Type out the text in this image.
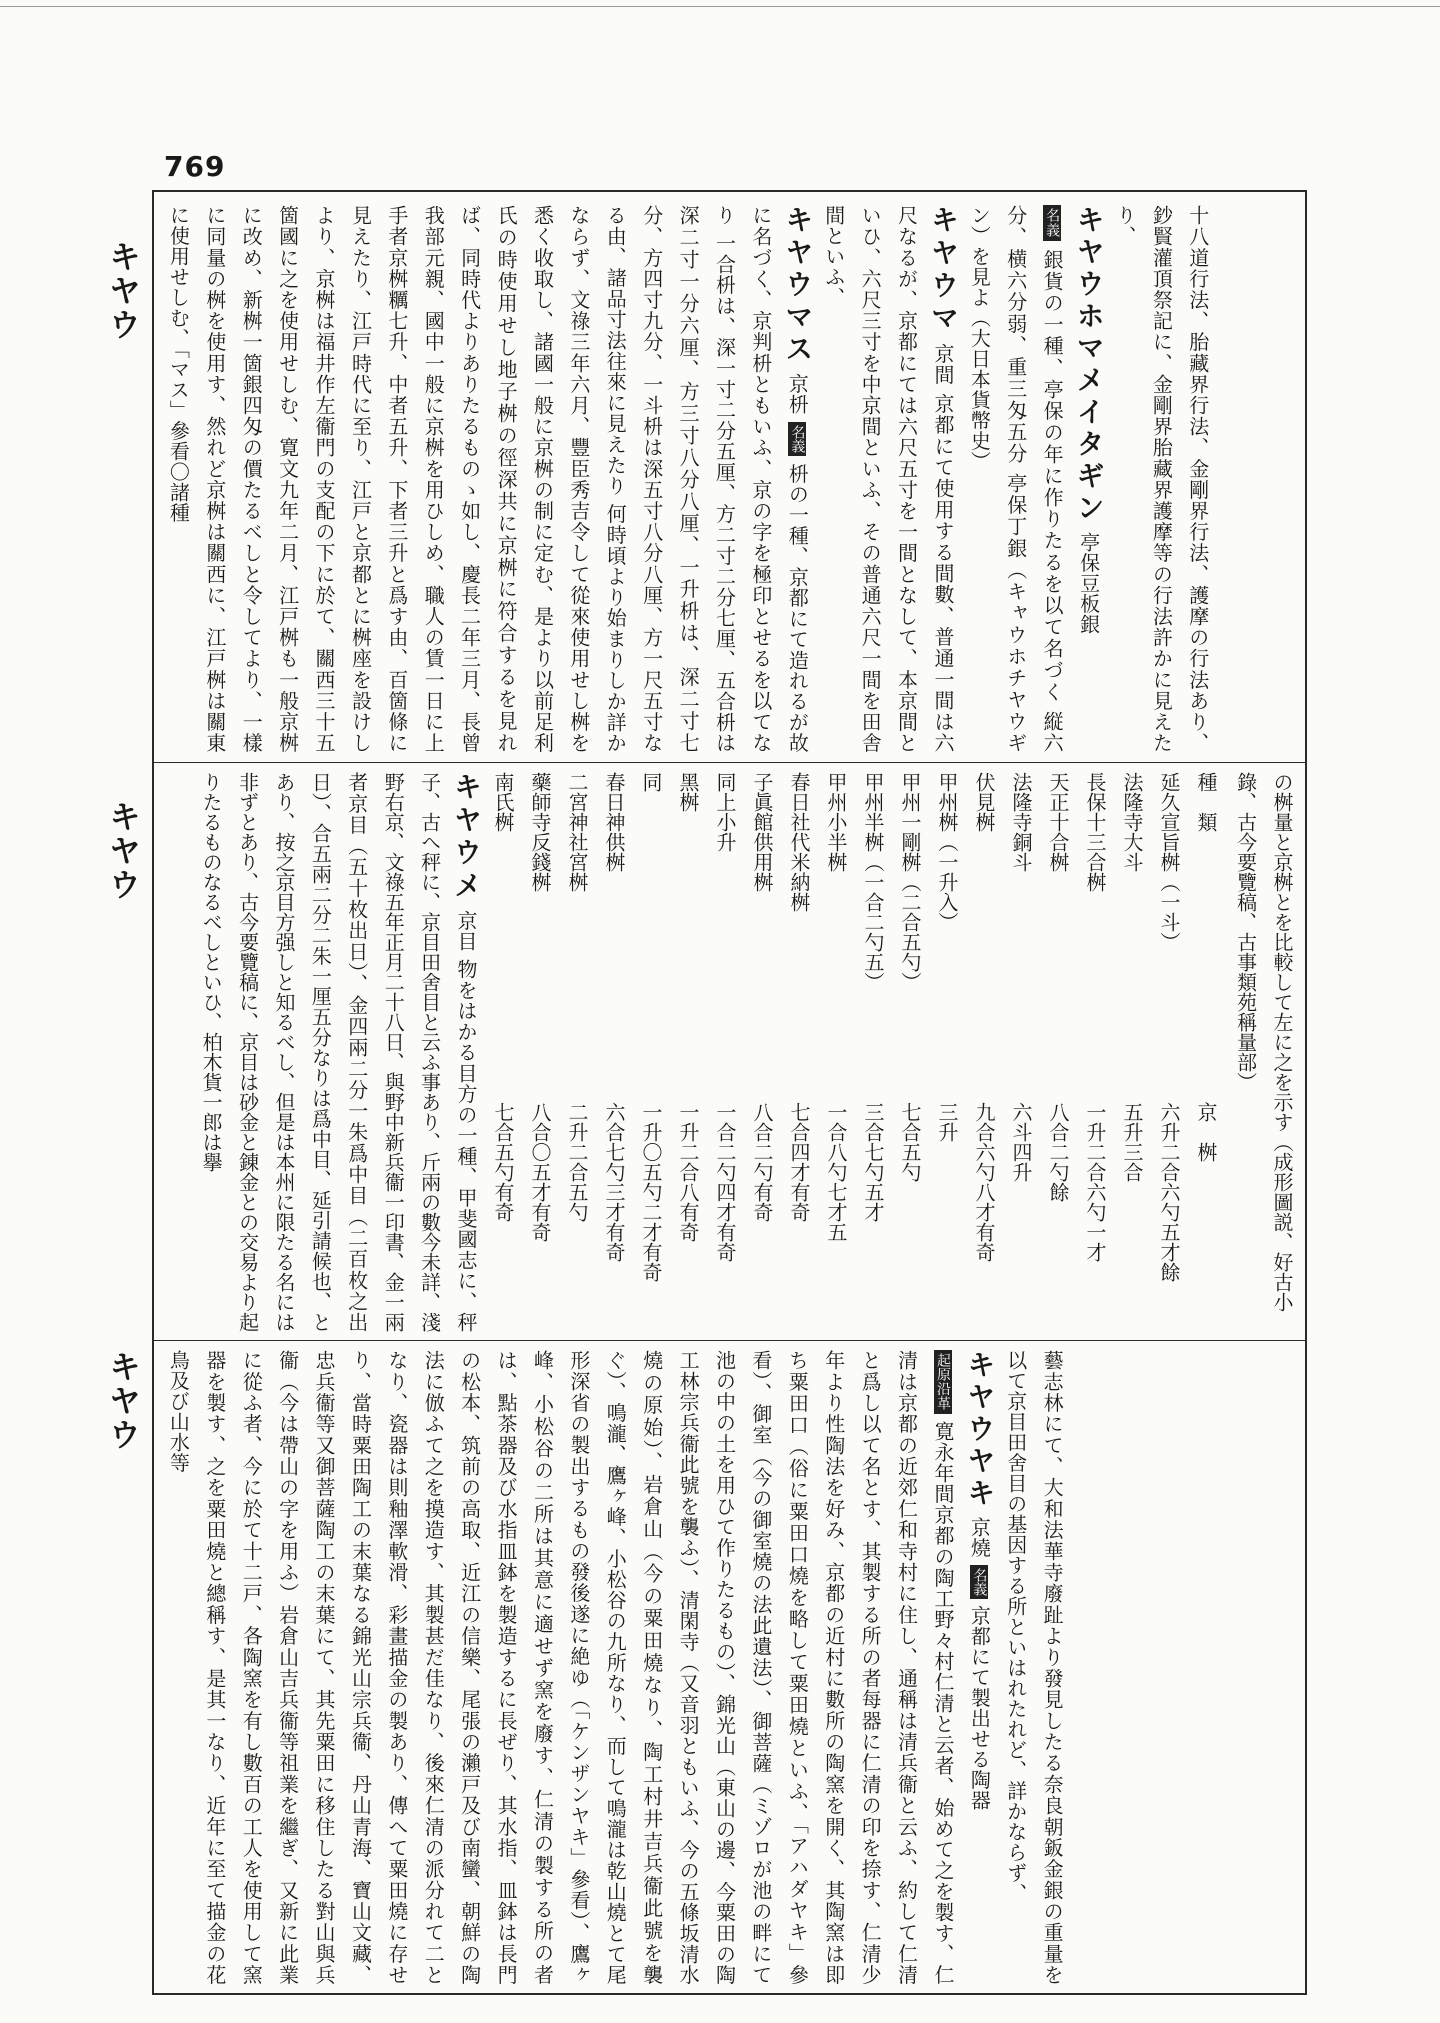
769
キヤウ
キヤウ
キヤウ
十八道行法、胎藏界行法、金剛界行法、護摩の行法あり、鈔賢灌頂祭記に、金剛界胎藏界護摩等の行法許かに見えたり、
キヤウホマメイタギン 亭保豆板銀
名義 銀貨の一種、亭保の年に作りたるを以て名づく 縦六分、横六分弱、重三匁五分 亭保丁銀（キャウホチヤウギン）を見よ（大日本貨幣史）
キヤウマ 京間 京都にて使用する間數、普通一間は六尺なるが、京都にては六尺五寸を一間となして、本京間といひ、六尺三寸を中京間といふ、その普通六尺一間を田舎間といふ、
キヤウマス 京枡 名義 枡の一種、京都にて造れるが故に名づく、京判枡ともいふ、京の字を極印とせるを以てなり 一合枡は、深一寸二分五厘、方二寸二分七厘、五合枡は深二寸一分六厘、方三寸八分八厘、一升枡は、深二寸七分、方四寸九分、一斗枡は深五寸八分八厘、方一尺五寸なる由、諸品寸法往來に見えたり 何時頃より始まりしか詳かならず、文祿三年六月、豐臣秀吉令して從來使用せし桝を悉く收取し、諸國一般に京桝の制に定む、是より以前足利氏の時使用せし地子桝の徑深共に京桝に符合するを見れば、同時代よりありたるものゝ如し、慶長二年三月、長曾我部元親、國中一般に京桝を用ひしめ、職人の賃一日に上手者京桝糲七升、中者五升、下者三升と爲す由、百箇條に見えたり、江戸時代に至り、江戸と京都とに桝座を設けしより、京桝は福井作左衞門の支配の下に於て、關西三十五箇國に之を使用せしむ、寛文九年二月、江戸桝も一般京桝に改め、新桝一箇銀四匁の價たるべしと令してより、一樣に同量の桝を使用す、然れど京桝は關西に、江戸桝は關東に使用せしむ、「マス」參看〇諸種
の桝量と京桝とを比較して左に之を示す（成形圖説、好古小錄、古今要覽稿、古事類苑稱量部）
種　類京　桝
延久宣旨桝（一斗）六升二合六勺五才餘
法隆寺大斗五升三合
長保十三合桝一升二合六勺一才
天正十合桝八合二勺餘
法隆寺銅斗六斗四升
伏見桝九合六勺八才有奇
甲州桝（一升入）三升
甲州一剛桝（二合五勺）七合五勺
甲州半桝（一合二勺五）三合七勺五才
甲州小半桝一合八勺七才五
春日社代米納桝七合四才有奇
子眞館供用桝八合二勺有奇
同上小升一合二勺四才有奇
黑桝一升二合八有奇
同一升〇五勺二才有奇
春日神供桝六合七勺三才有奇
二宮神社宮桝二升二合五勺
藥師寺反錢桝八合〇五才有奇
南氏桝七合五勺有奇
キヤウメ 京目 物をはかる目方の一種、甲斐國志に、秤子、古へ秤に、京目田舍目と云ふ事あり、斤兩の數今未詳、淺野右京、文祿五年正月二十八日、與野中新兵衞一印書、金一兩者京目（五十枚出日）、金四兩二分一朱爲中目（二百枚之出日）、合五兩二分二朱一厘五分なりは爲中目、延引請候也、とあり、按之京目方强しと知るべし、但是は本州に限たる名には非ずとあり、古今要覽稿に、京目は砂金と錬金との交易より起りたるものなるべしといひ、柏木貨一郎は擧
藝志林にて、大和法華寺廢趾より發見したる奈良朝鈑金銀の重量を以て京目田舍目の基因する所といはれたれど、詳かならず、
キヤウヤキ 京燒 名義 京都にて製出せる陶器
起原沿革 寛永年間京都の陶工野々村仁清と云者、始めて之を製す、仁清は京都の近郊仁和寺村に住し、通稱は清兵衞と云ふ、約して仁清と爲し以て名とす、其製する所の者每器に仁清の印を捺す、仁清少年より性陶法を好み、京都の近村に數所の陶窯を開く、其陶窯は即ち粟田口（俗に粟田口燒を略して粟田燒といふ、「アハダヤキ」參看）、御室（今の御室燒の法此遺法）、御菩薩（ミゾロが池の畔にて池の中の土を用ひて作りたるもの）、錦光山（東山の邊、今粟田の陶工林宗兵衞此號を襲ふ）、清閑寺（又音羽ともいふ、今の五條坂清水燒の原始）、岩倉山（今の粟田燒なり、陶工村井吉兵衞此號を襲ぐ）、鳴瀧、鷹ヶ峰、小松谷の九所なり、而して鳴瀧は乾山燒とて尾形深省の製出するもの發後遂に絶ゆ（「ケンザンヤキ」參看）、鷹ヶ峰、小松谷の二所は其意に適せず窯を廢す、仁清の製する所の者は、點茶器及び水指皿鉢を製造するに長ぜり、其水指、皿鉢は長門の松本、筑前の高取、近江の信樂、尾張の瀨戸及び南蠻、朝鮮の陶法に倣ふて之を摸造す、其製甚だ佳なり、後來仁清の派分れて二となり、瓷器は則釉澤軟滑、彩畫描金の製あり、傳へて粟田燒に存せり、當時粟田陶工の末葉なる錦光山宗兵衞、丹山青海、寶山文藏、忠兵衞等又御菩薩陶工の末葉にて、其先粟田に移住したる對山與兵衞（今は帶山の字を用ふ）岩倉山吉兵衞等祖業を繼ぎ、又新に此業に從ふ者、今に於て十二戸、各陶窯を有し數百の工人を使用して窯器を製す、之を粟田燒と總稱す、是其一なり、近年に至て描金の花鳥及び山水等
